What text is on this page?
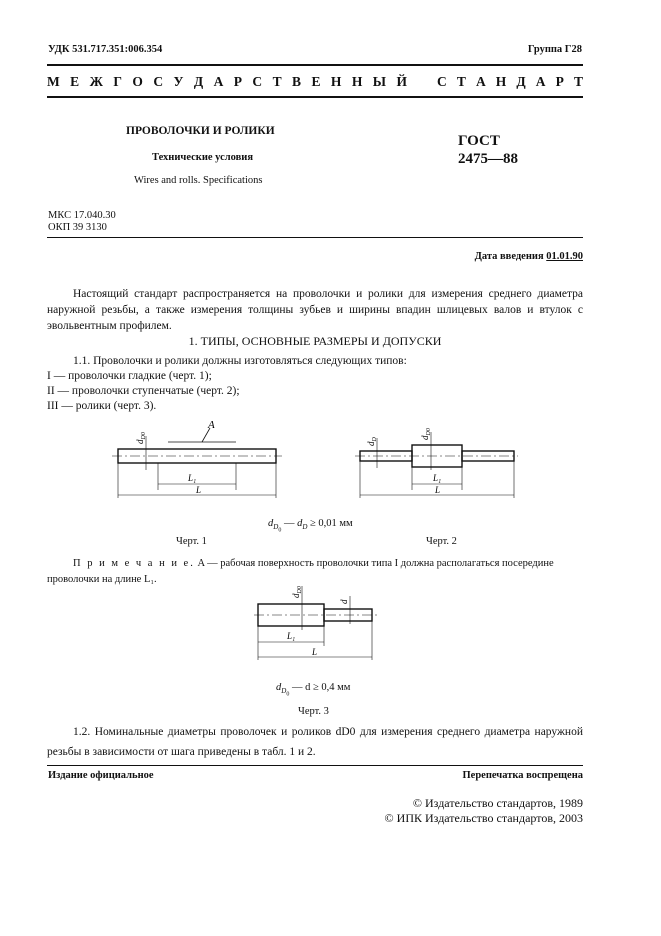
УДК 531.717.351:006.354	Группа Г28
М Е Ж Г О С У Д А Р С Т В Е Н Н Ы Й С Т А Н Д А Р Т
ПРОВОЛОЧКИ И РОЛИКИ
Технические условия
Wires and rolls. Specifications
ГОСТ
2475—88
МКС 17.040.30
ОКП 39 3130
Дата введения 01.01.90
Настоящий стандарт распространяется на проволочки и ролики для измерения среднего диаметра наружной резьбы, а также измерения толщины зубьев и ширины впадин шлицевых валов и втулок с эвольвентным профилем.
1. ТИПЫ, ОСНОВНЫЕ РАЗМЕРЫ И ДОПУСКИ
1.1. Проволочки и ролики должны изготовляться следующих типов:
I — проволочки гладкие (черт. 1);
II — проволочки ступенчатые (черт. 2);
III — ролики (черт. 3).
A
$d_{D0}$
L₁
L
$d_D$	$d_{D0}$
L₁
L
$d_{D_0}$ — $d_D \ge 0,01$ мм
Черт. 1	Черт. 2
П р и м е ч а н и е. A — рабочая поверхность проволочки типа I должна располагаться посередине проволочки на длине L₁.
$d_{D0}$
d
L₁
L
$d_{D_0}$ — d ≥ 0,4 мм
Черт. 3
1.2. Номинальные диаметры проволочек и роликов dD0 для измерения среднего диаметра наружной резьбы в зависимости от шага приведены в табл. 1 и 2.
Издание официальное	Перепечатка воспрещена
© Издательство стандартов, 1989
© ИПК Издательство стандартов, 2003
